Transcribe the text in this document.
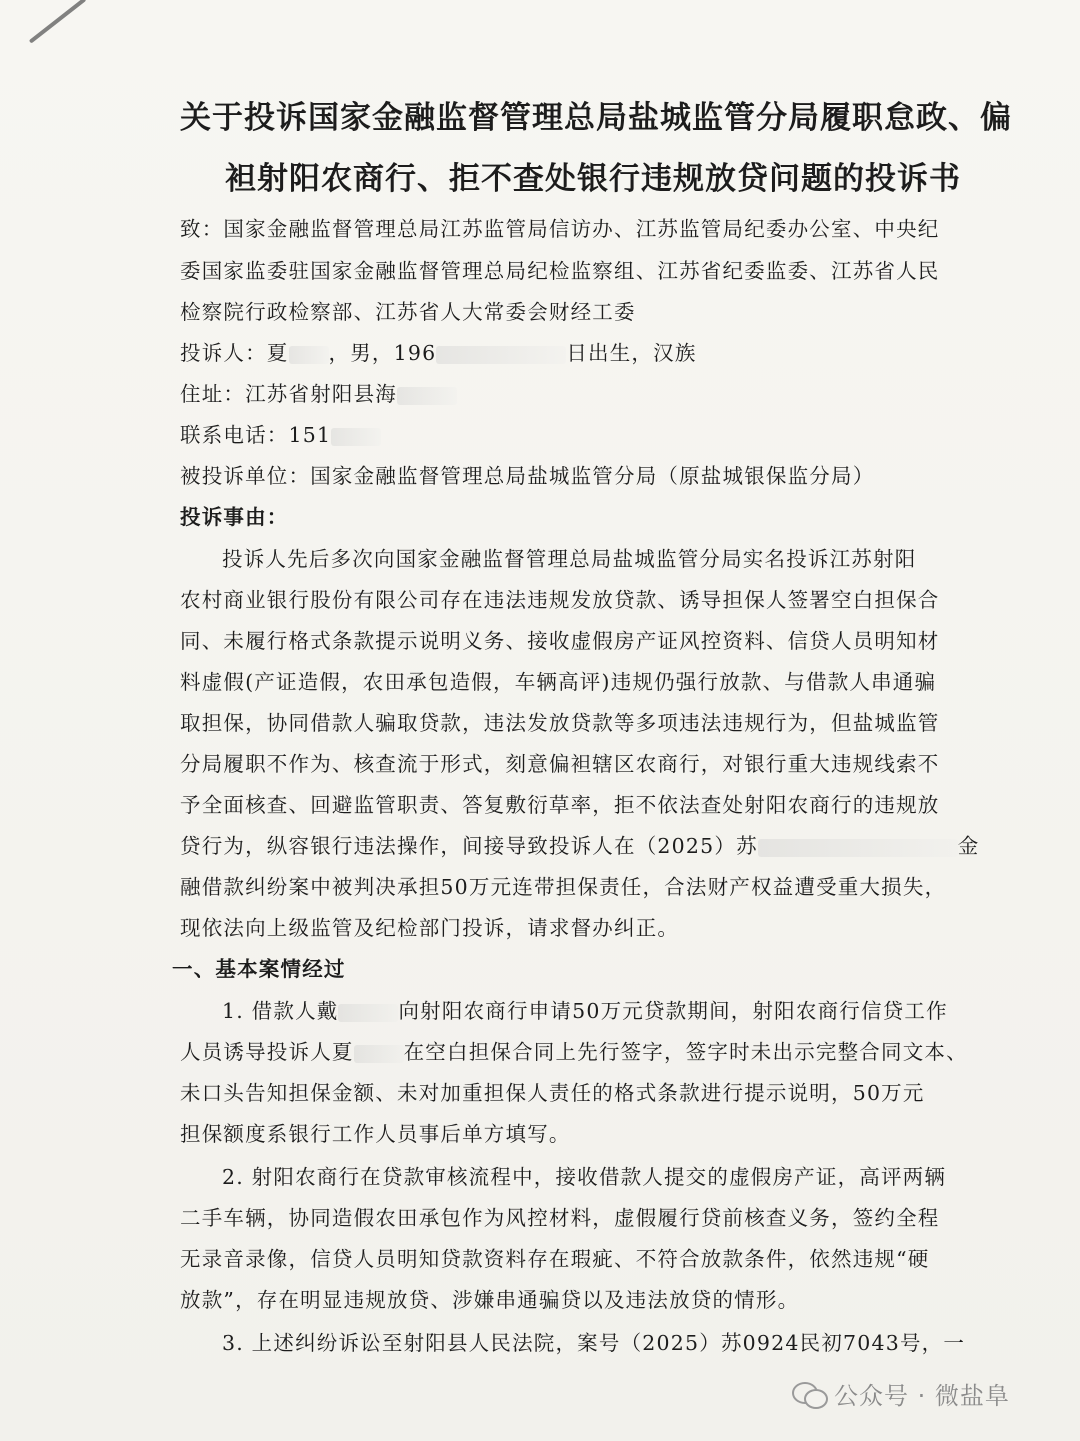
关于投诉国家金融监督管理总局盐城监管分局履职怠政、偏
袒射阳农商行、拒不查处银行违规放贷问题的投诉书
致：国家金融监督管理总局江苏监管局信访办、江苏监管局纪委办公室、中央纪
委国家监委驻国家金融监督管理总局纪检监察组、江苏省纪委监委、江苏省人民
检察院行政检察部、江苏省人大常委会财经工委
投诉人：夏 ，男，196	日出生，汉族
住址：江苏省射阳县海
联系电话：151
被投诉单位：国家金融监督管理总局盐城监管分局（原盐城银保监分局）
投诉事由：
投诉人先后多次向国家金融监督管理总局盐城监管分局实名投诉江苏射阳
农村商业银行股份有限公司存在违法违规发放贷款、诱导担保人签署空白担保合
同、未履行格式条款提示说明义务、接收虚假房产证风控资料、信贷人员明知材
料虚假(产证造假，农田承包造假，车辆高评)违规仍强行放款、与借款人串通骗
取担保，协同借款人骗取贷款，违法发放贷款等多项违法违规行为，但盐城监管
分局履职不作为、核查流于形式，刻意偏袒辖区农商行，对银行重大违规线索不
予全面核查、回避监管职责、答复敷衍草率，拒不依法查处射阳农商行的违规放
贷行为，纵容银行违法操作，间接导致投诉人在（2025）苏	金
融借款纠纷案中被判决承担50万元连带担保责任，合法财产权益遭受重大损失，
现依法向上级监管及纪检部门投诉，请求督办纠正。
一、基本案情经过
1. 借款人戴	向射阳农商行申请50万元贷款期间，射阳农商行信贷工作
人员诱导投诉人夏 在空白担保合同上先行签字，签字时未出示完整合同文本、
未口头告知担保金额、未对加重担保人责任的格式条款进行提示说明，50万元
担保额度系银行工作人员事后单方填写。
2. 射阳农商行在贷款审核流程中，接收借款人提交的虚假房产证，高评两辆
二手车辆，协同造假农田承包作为风控材料，虚假履行贷前核查义务，签约全程
无录音录像，信贷人员明知贷款资料存在瑕疵、不符合放款条件，依然违规“硬
放款”，存在明显违规放贷、涉嫌串通骗贷以及违法放贷的情形。
3. 上述纠纷诉讼至射阳县人民法院，案号（2025）苏0924民初7043号，一
公众号 · 微盐阜
